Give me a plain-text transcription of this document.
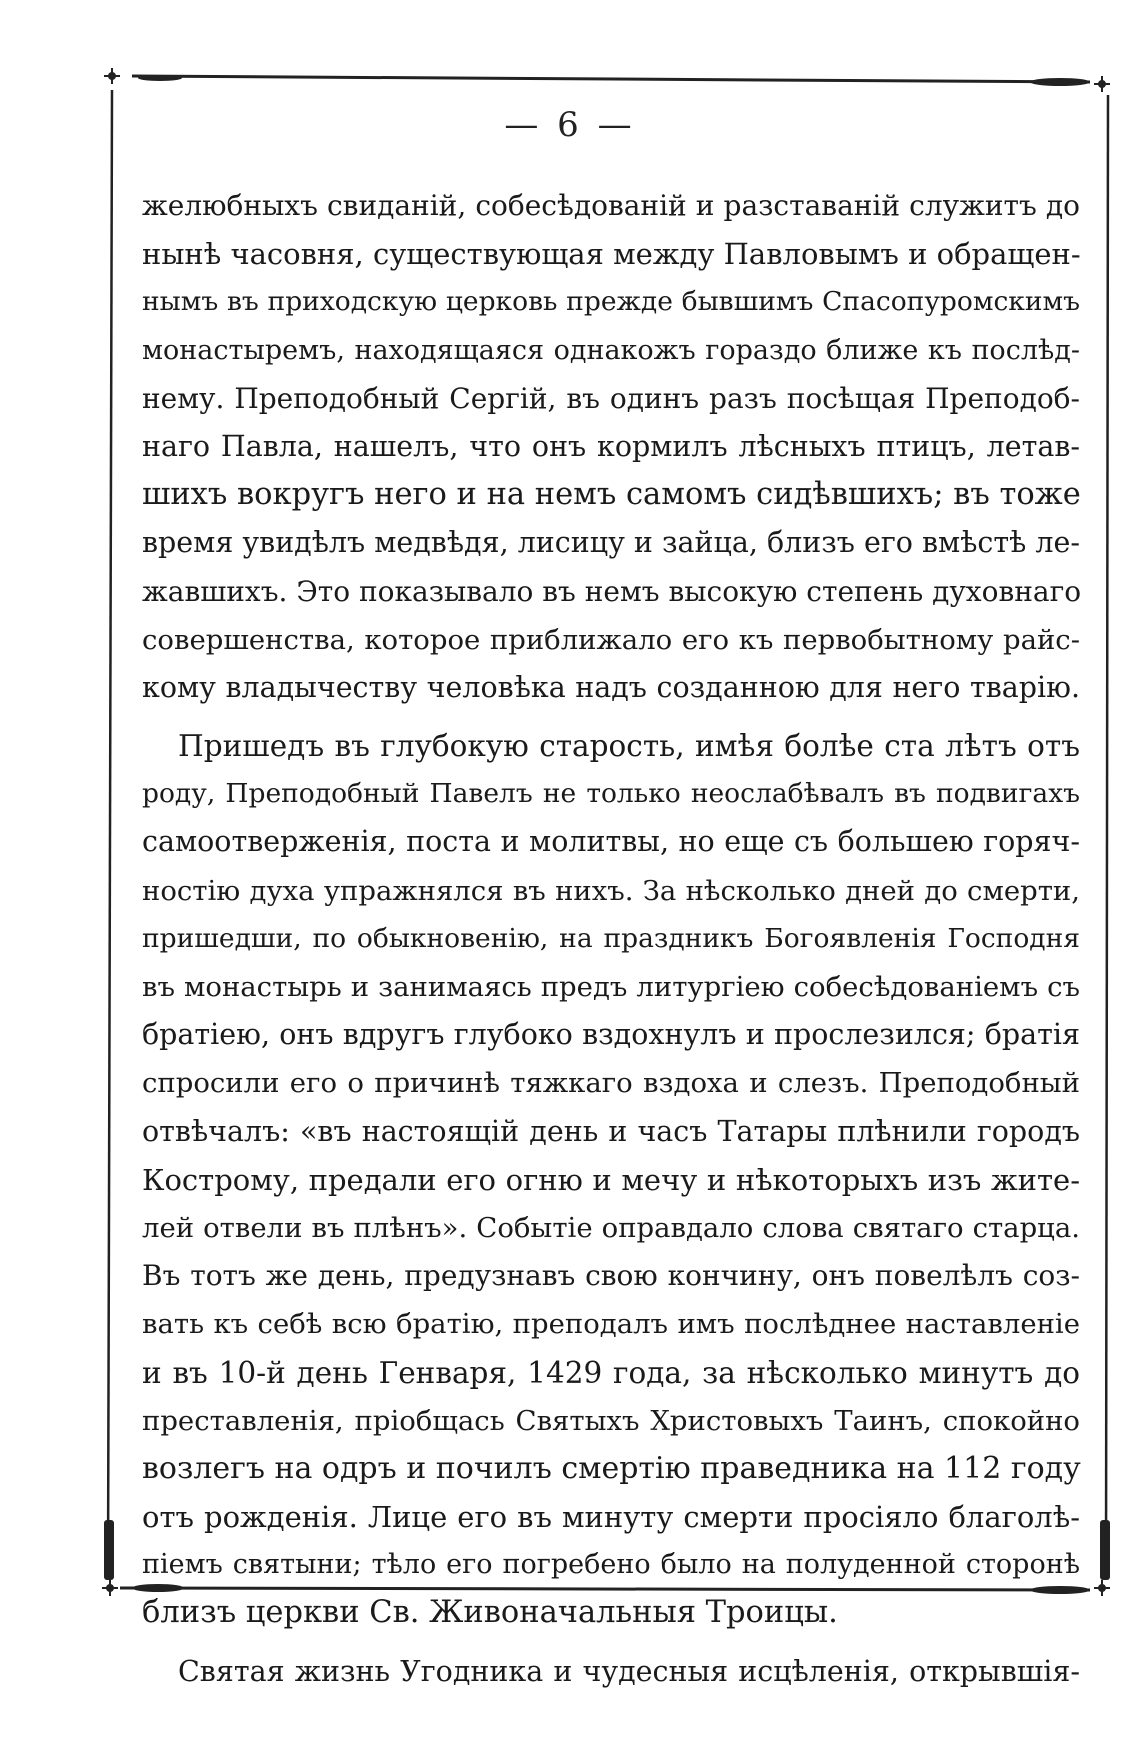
— 6 —
желюбныхъ свиданій, собесѣдованій и разставаній служитъ до
нынѣ часовня, существующая между Павловымъ и обращен-
нымъ въ приходскую церковь прежде бывшимъ Спасопуромскимъ
монастыремъ, находящаяся однакожъ гораздо ближе къ послѣд-
нему. Преподобный Сергій, въ одинъ разъ посѣщая Преподоб-
наго Павла, нашелъ, что онъ кормилъ лѣсныхъ птицъ, летав-
шихъ вокругъ него и на немъ самомъ сидѣвшихъ; въ тоже
время увидѣлъ медвѣдя, лисицу и зайца, близъ его вмѣстѣ ле-
жавшихъ. Это показывало въ немъ высокую степень духовнаго
совершенства, которое приближало его къ первобытному райс-
кому владычеству человѣка надъ созданною для него тварію.
Пришедъ въ глубокую старость, имѣя болѣе ста лѣтъ отъ
роду, Преподобный Павелъ не только неослабѣвалъ въ подвигахъ
самоотверженія, поста и молитвы, но еще съ большею горяч-
ностію духа упражнялся въ нихъ. За нѣсколько дней до смерти,
пришедши, по обыкновенію, на праздникъ Богоявленія Господня
въ монастырь и занимаясь предъ литургіею собесѣдованіемъ съ
братіею, онъ вдругъ глубоко вздохнулъ и прослезился; братія
спросили его о причинѣ тяжкаго вздоха и слезъ. Преподобный
отвѣчалъ: «въ настоящій день и часъ Татары плѣнили городъ
Кострому, предали его огню и мечу и нѣкоторыхъ изъ жите-
лей отвели въ плѣнъ». Событіе оправдало слова святаго старца.
Въ тотъ же день, предузнавъ свою кончину, онъ повелѣлъ соз-
вать къ себѣ всю братію, преподалъ имъ послѣднее наставленіе
и въ 10-й день Генваря, 1429 года, за нѣсколько минутъ до
преставленія, пріобщась Святыхъ Христовыхъ Таинъ, спокойно
возлегъ на одръ и почилъ смертію праведника на 112 году
отъ рожденія. Лице его въ минуту смерти просіяло благолѣ-
піемъ святыни; тѣло его погребено было на полуденной сторонѣ
близъ церкви Св. Живоначальныя Троицы.
Святая жизнь Угодника и чудесныя исцѣленія, открывшія-
